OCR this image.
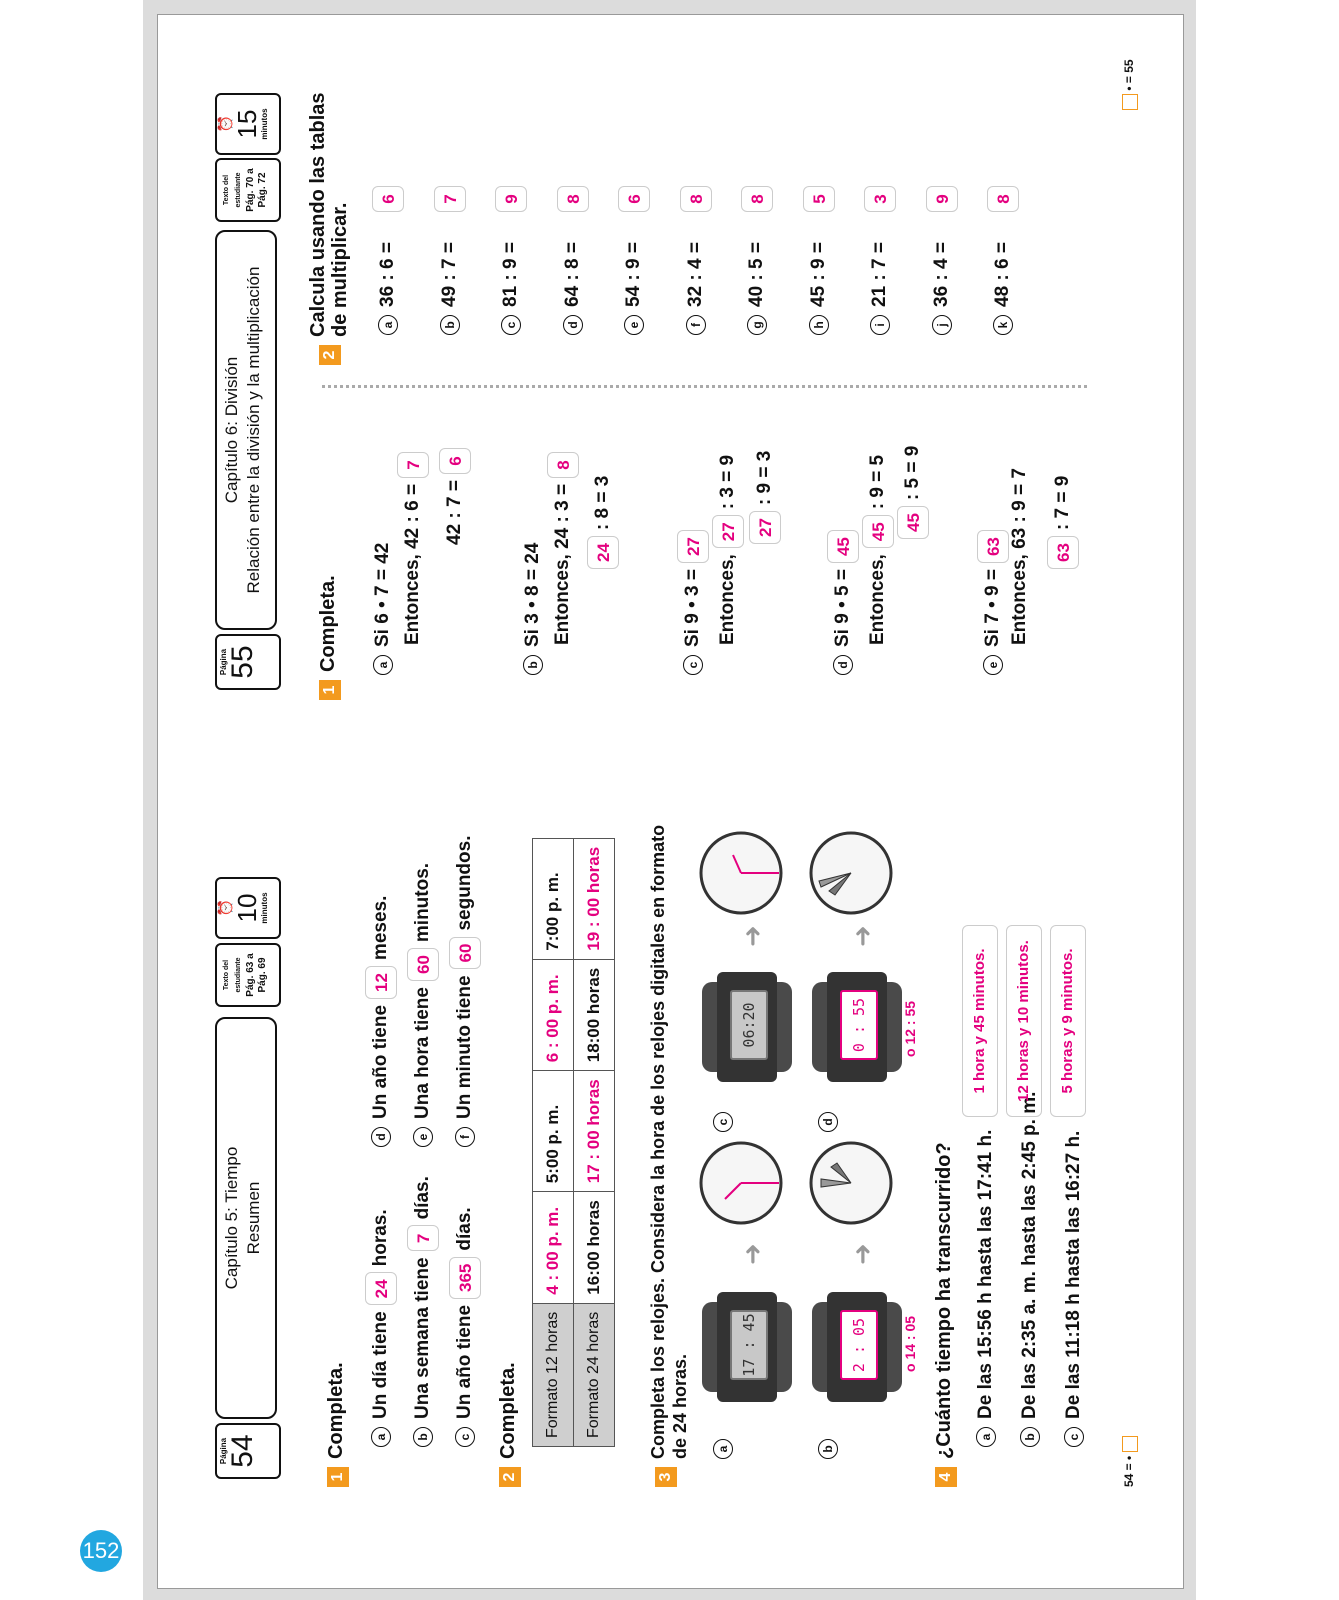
152
Página
55
Capítulo 6: División Relación entre la división y la multiplicación
Texto del estudiante Pág. 70 a Pág. 72
⏰ 15
minutos
1
Completa.	aSi 6 • 7 = 42 Entonces, 42 : 6 =7
42 : 7 =6
bSi 3 • 8 = 24 Entonces, 24 : 3 =8
24: 8 = 3
cSi 9 • 3 =27
Entonces,27: 3 = 9
27: 9 = 3
dSi 9 • 5 =45
Entonces,45: 9 = 5
45: 5 = 9
eSi 7 • 9 =63 Entonces, 63 : 9 = 7	63: 7 = 9
2
Calcula usando las tablas de multiplicar.	a36 : 6 =6
b49 : 7 =7
c81 : 9 =9
d64 : 8 =8
e54 : 9 =6
f32 : 4 =8
g40 : 5 =8
h45 : 9 =5
i21 : 7 =3
j36 : 4 =9
k48 : 6 =8
• = 55
Página
54
Capítulo 5: Tiempo Resumen
Texto del estudiante Pág. 63 a Pág. 69
⏰ 10
minutos
1
Completa.	aUn día tiene24horas.
bUna semana tiene7días.
cUn año tiene365días.
dUn año tiene12meses.
eUna hora tiene60minutos.
fUn minuto tiene60segundos.
2
Completa. Formato 12 horas	4 : 00 p. m.	5:00 p. m.	6 : 00 p. m.	7:00 p. m.
Formato 24 horas	16:00 horas	17 : 00 horas	18:00 horas	19 : 00 horas
3
Completa los relojes. Considera la hora de los relojes digitales en formato de 24 horas.	a
17 : 45
➜
c
06:20
➜
b
2 : 05	o 14 : 05
➜
d
0 : 55	o 12 : 55
➜
4
¿Cuánto tiempo ha transcurrido?	aDe las 15:56 h hasta las 17:41 h.
bDe las 2:35 a. m. hasta las 2:45 p. m.
cDe las 11:18 h hasta las 16:27 h.
1 hora y 45 minutos.	12 horas y 10 minutos.	5 horas y 9 minutos.
54 = •
